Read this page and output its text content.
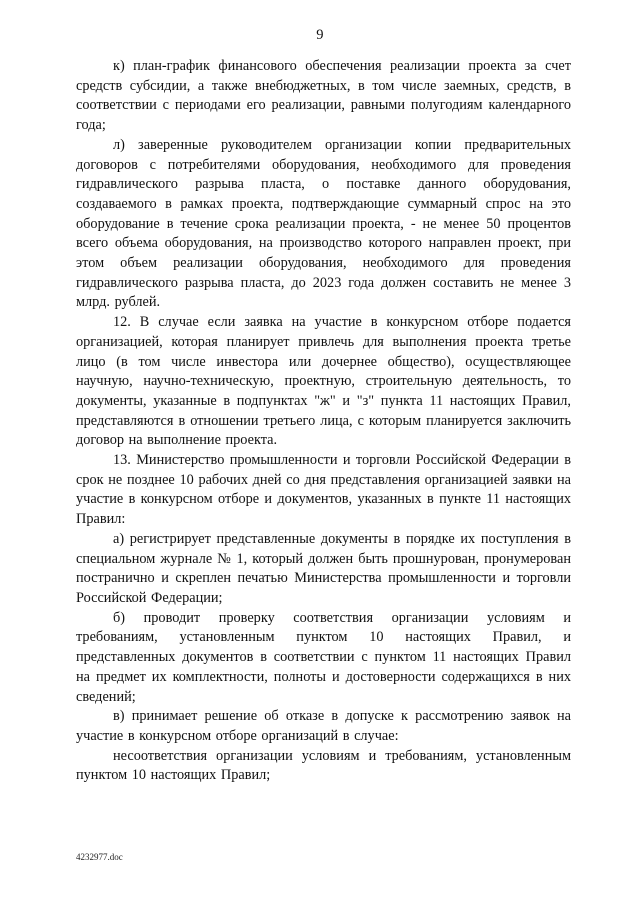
9

к) план-график финансового обеспечения реализации проекта за счет средств субсидии, а также внебюджетных, в том числе заемных, средств, в соответствии с периодами его реализации, равными полугодиям календарного года;

л) заверенные руководителем организации копии предварительных договоров с потребителями оборудования, необходимого для проведения гидравлического разрыва пласта, о поставке данного оборудования, создаваемого в рамках проекта, подтверждающие суммарный спрос на это оборудование в течение срока реализации проекта, - не менее 50 процентов всего объема оборудования, на производство которого направлен проект, при этом объем реализации оборудования, необходимого для проведения гидравлического разрыва пласта, до 2023 года должен составить не менее 3 млрд. рублей.

12. В случае если заявка на участие в конкурсном отборе подается организацией, которая планирует привлечь для выполнения проекта третье лицо (в том числе инвестора или дочернее общество), осуществляющее научную, научно-техническую, проектную, строительную деятельность, то документы, указанные в подпунктах "ж" и "з" пункта 11 настоящих Правил, представляются в отношении третьего лица, с которым планируется заключить договор на выполнение проекта.

13. Министерство промышленности и торговли Российской Федерации в срок не позднее 10 рабочих дней со дня представления организацией заявки на участие в конкурсном отборе и документов, указанных в пункте 11 настоящих Правил:

а) регистрирует представленные документы в порядке их поступления в специальном журнале № 1, который должен быть прошнурован, пронумерован постранично и скреплен печатью Министерства промышленности и торговли Российской Федерации;

б) проводит проверку соответствия организации условиям и требованиям, установленным пунктом 10 настоящих Правил, и представленных документов в соответствии с пунктом 11 настоящих Правил на предмет их комплектности, полноты и достоверности содержащихся в них сведений;

в) принимает решение об отказе в допуске к рассмотрению заявок на участие в конкурсном отборе организаций в случае:

несоответствия организации условиям и требованиям, установленным пунктом 10 настоящих Правил;

4232977.doc
